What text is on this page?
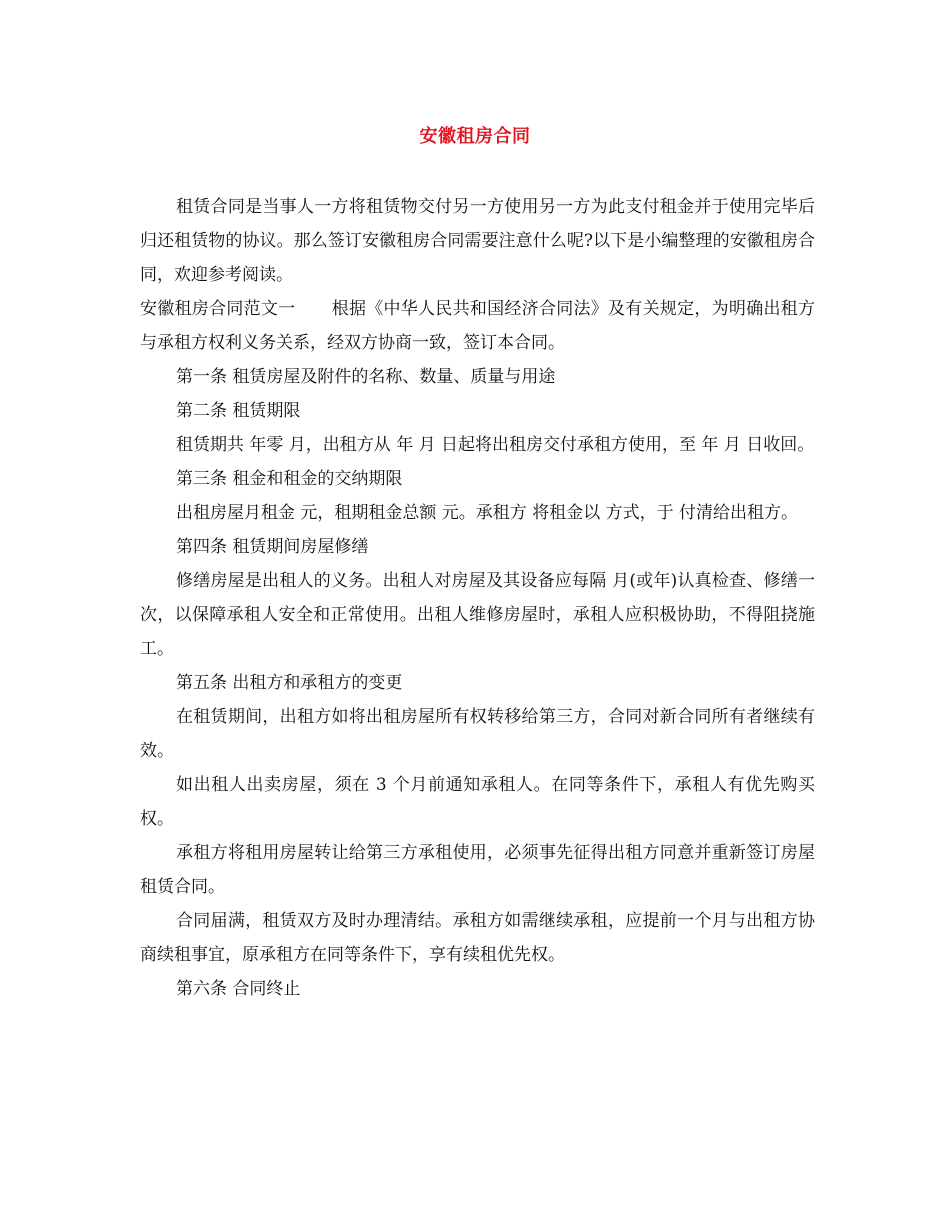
安徽租房合同

租赁合同是当事人一方将租赁物交付另一方使用另一方为此支付租金并于使用完毕后归还租赁物的协议。那么签订安徽租房合同需要注意什么呢?以下是小编整理的安徽租房合同，欢迎参考阅读。

安徽租房合同范文一 根据《中华人民共和国经济合同法》及有关规定，为明确出租方与承租方权利义务关系，经双方协商一致，签订本合同。

第一条 租赁房屋及附件的名称、数量、质量与用途

第二条 租赁期限

租赁期共 年零 月，出租方从 年 月 日起将出租房交付承租方使用，至 年 月 日收回。

第三条 租金和租金的交纳期限

出租房屋月租金 元，租期租金总额 元。承租方 将租金以 方式，于 付清给出租方。

第四条 租赁期间房屋修缮

修缮房屋是出租人的义务。出租人对房屋及其设备应每隔 月(或年)认真检查、修缮一次，以保障承租人安全和正常使用。出租人维修房屋时，承租人应积极协助，不得阻挠施工。

第五条 出租方和承租方的变更

在租赁期间，出租方如将出租房屋所有权转移给第三方，合同对新合同所有者继续有效。

如出租人出卖房屋，须在 3 个月前通知承租人。在同等条件下，承租人有优先购买权。

承租方将租用房屋转让给第三方承租使用，必须事先征得出租方同意并重新签订房屋租赁合同。

合同届满，租赁双方及时办理清结。承租方如需继续承租，应提前一个月与出租方协商续租事宜，原承租方在同等条件下，享有续租优先权。

第六条 合同终止
